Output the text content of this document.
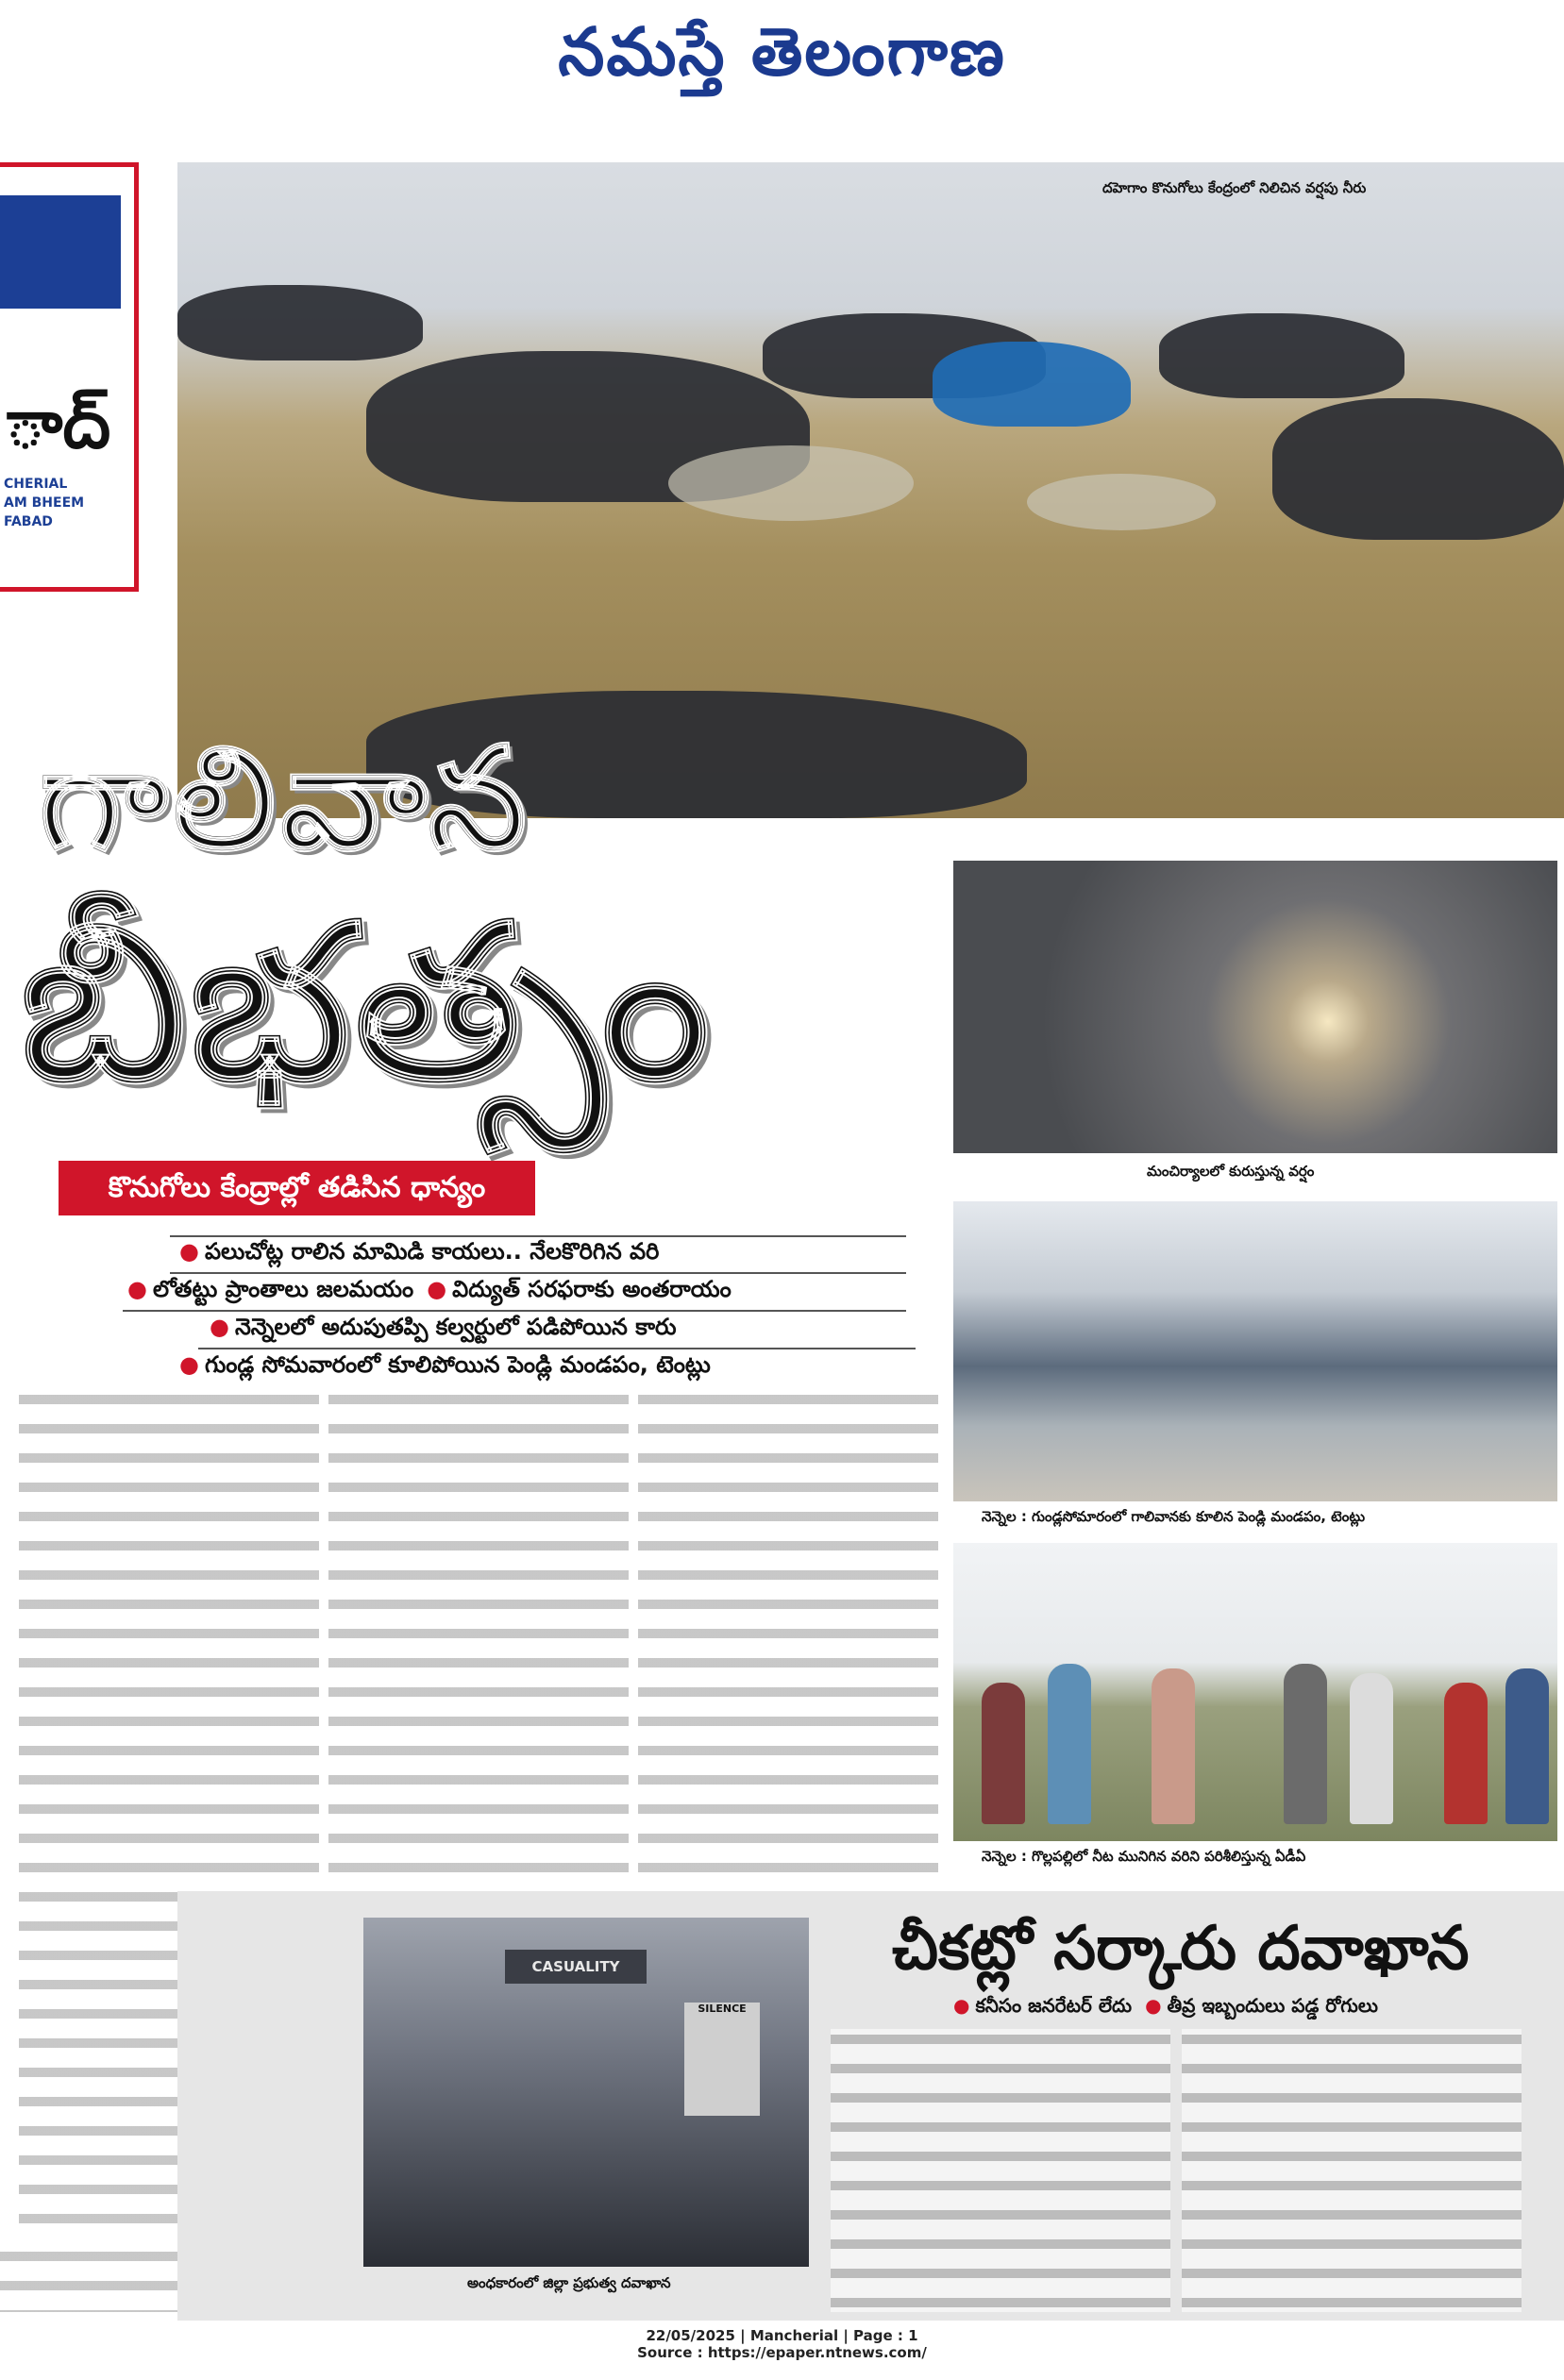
నమస్తే తెలంగాణ
ాద్
CHERIAL
AM BHEEM
FABAD
దహెగాం కొనుగోలు కేంద్రంలో నిలిచిన వర్షపు నీరు
గాలివాన
బీభత్సం
కొనుగోలు కేంద్రాల్లో తడిసిన ధాన్యం
● పలుచోట్ల రాలిన మామిడి కాయలు.. నేలకొరిగిన వరి
● లోతట్టు ప్రాంతాలు జలమయం ● విద్యుత్ సరఫరాకు అంతరాయం
● నెన్నెలలో అదుపుతప్పి కల్వర్టులో పడిపోయిన కారు
● గుండ్ల సోమవారంలో కూలిపోయిన పెండ్లి మండపం, టెంట్లు
మంచిర్యాలలో కురుస్తున్న వర్షం
నెన్నెల : గుండ్లసోమారంలో గాలివానకు కూలిన పెండ్లి మండపం, టెంట్లు
నెన్నెల : గొల్లపల్లిలో నీట మునిగిన వరిని పరిశీలిస్తున్న ఏడీఏ
CASUALITY
SILENCE
అంధకారంలో జిల్లా ప్రభుత్వ దవాఖాన
చీకట్లో సర్కారు దవాఖాన
● కనీసం జనరేటర్ లేదు ● తీవ్ర ఇబ్బందులు పడ్డ రోగులు
22/05/2025 | Mancherial | Page : 1
Source : https://epaper.ntnews.com/
